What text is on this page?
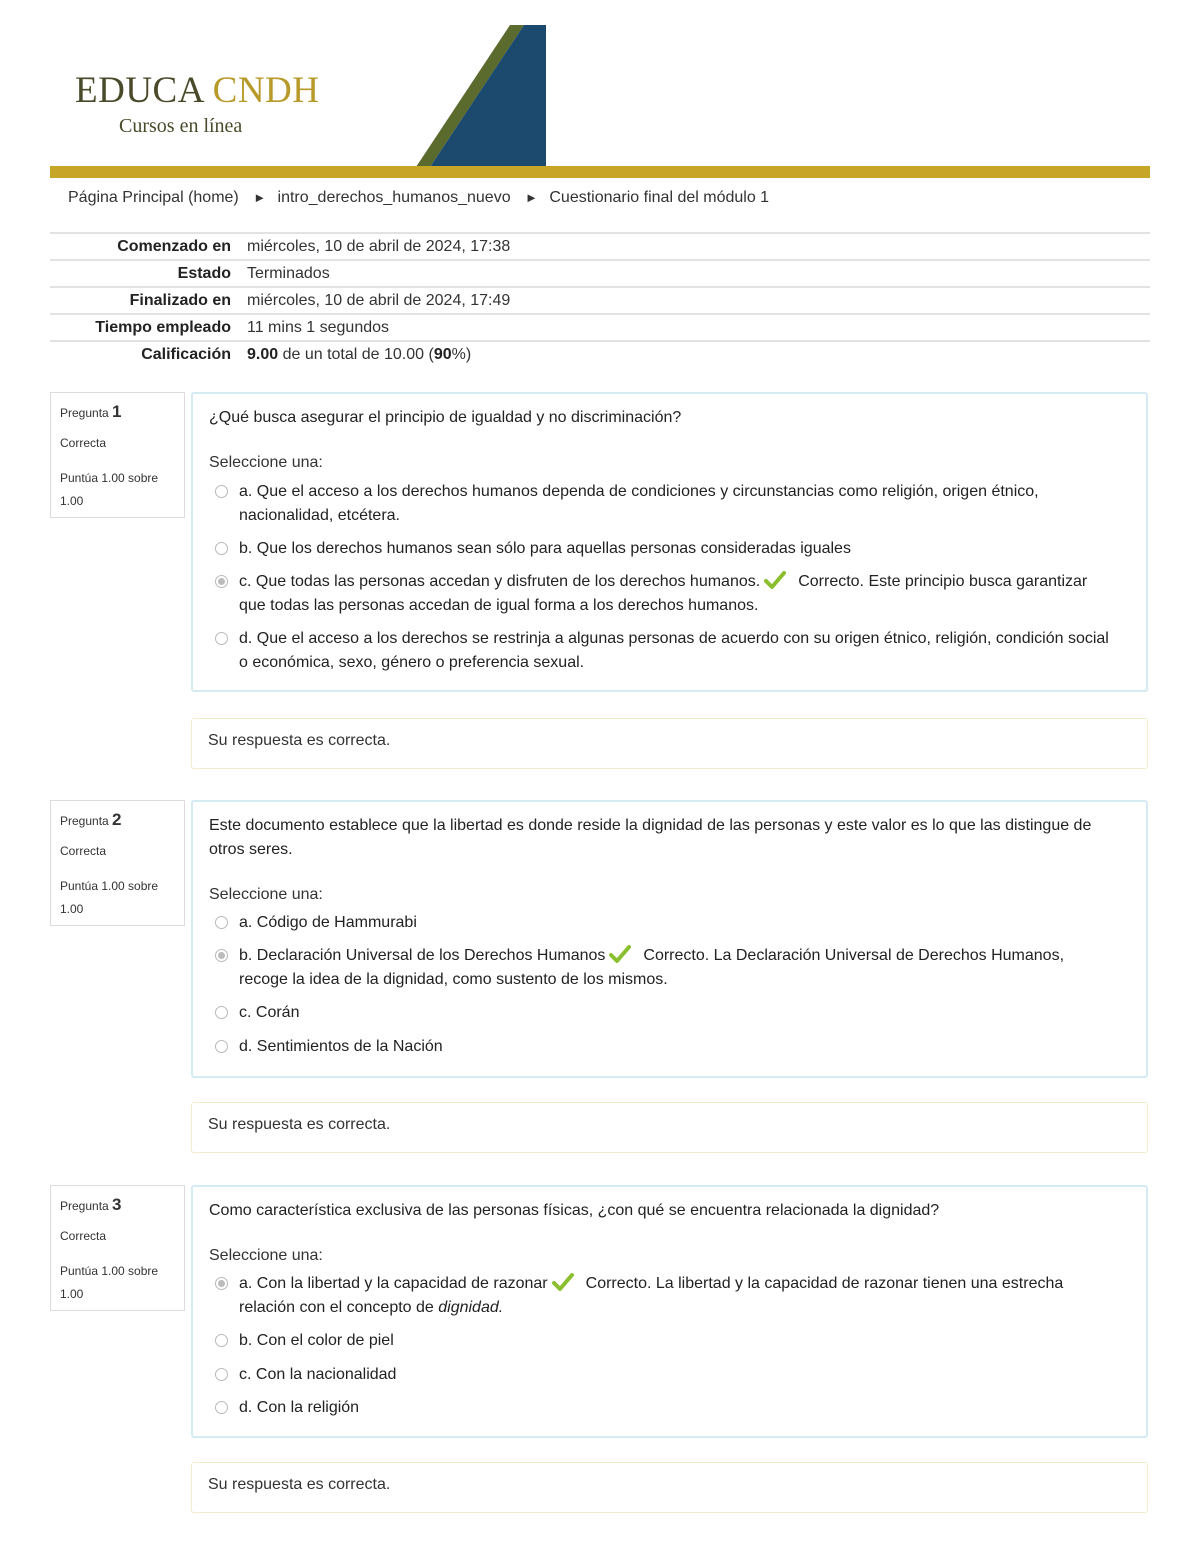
EDUCA CNDH
Cursos en línea
Página Principal (home) ► intro_derechos_humanos_nuevo ► Cuestionario final del módulo 1
Comenzado en	miércoles, 10 de abril de 2024, 17:38
Estado	Terminados
Finalizado en	miércoles, 10 de abril de 2024, 17:49
Tiempo empleado	11 mins 1 segundos
Calificación	9.00 de un total de 10.00 (90%)
Pregunta 1
Correcta
Puntúa 1.00 sobre 1.00
¿Qué busca asegurar el principio de igualdad y no discriminación?
Seleccione una:
a. Que el acceso a los derechos humanos dependa de condiciones y circunstancias como religión, origen étnico, nacionalidad, etcétera.
b. Que los derechos humanos sean sólo para aquellas personas consideradas iguales
c. Que todas las personas accedan y disfruten de los derechos humanos. Correcto. Este principio busca garantizar que todas las personas accedan de igual forma a los derechos humanos.
d. Que el acceso a los derechos se restrinja a algunas personas de acuerdo con su origen étnico, religión, condición social o económica, sexo, género o preferencia sexual.
Su respuesta es correcta.
Pregunta 2
Correcta
Puntúa 1.00 sobre 1.00
Este documento establece que la libertad es donde reside la dignidad de las personas y este valor es lo que las distingue de otros seres.
Seleccione una:
a. Código de Hammurabi
b. Declaración Universal de los Derechos Humanos Correcto. La Declaración Universal de Derechos Humanos, recoge la idea de la dignidad, como sustento de los mismos.
c. Corán
d. Sentimientos de la Nación
Su respuesta es correcta.
Pregunta 3
Correcta
Puntúa 1.00 sobre 1.00
Como característica exclusiva de las personas físicas, ¿con qué se encuentra relacionada la dignidad?
Seleccione una:
a. Con la libertad y la capacidad de razonar Correcto. La libertad y la capacidad de razonar tienen una estrecha relación con el concepto de dignidad.
b. Con el color de piel
c. Con la nacionalidad
d. Con la religión
Su respuesta es correcta.
